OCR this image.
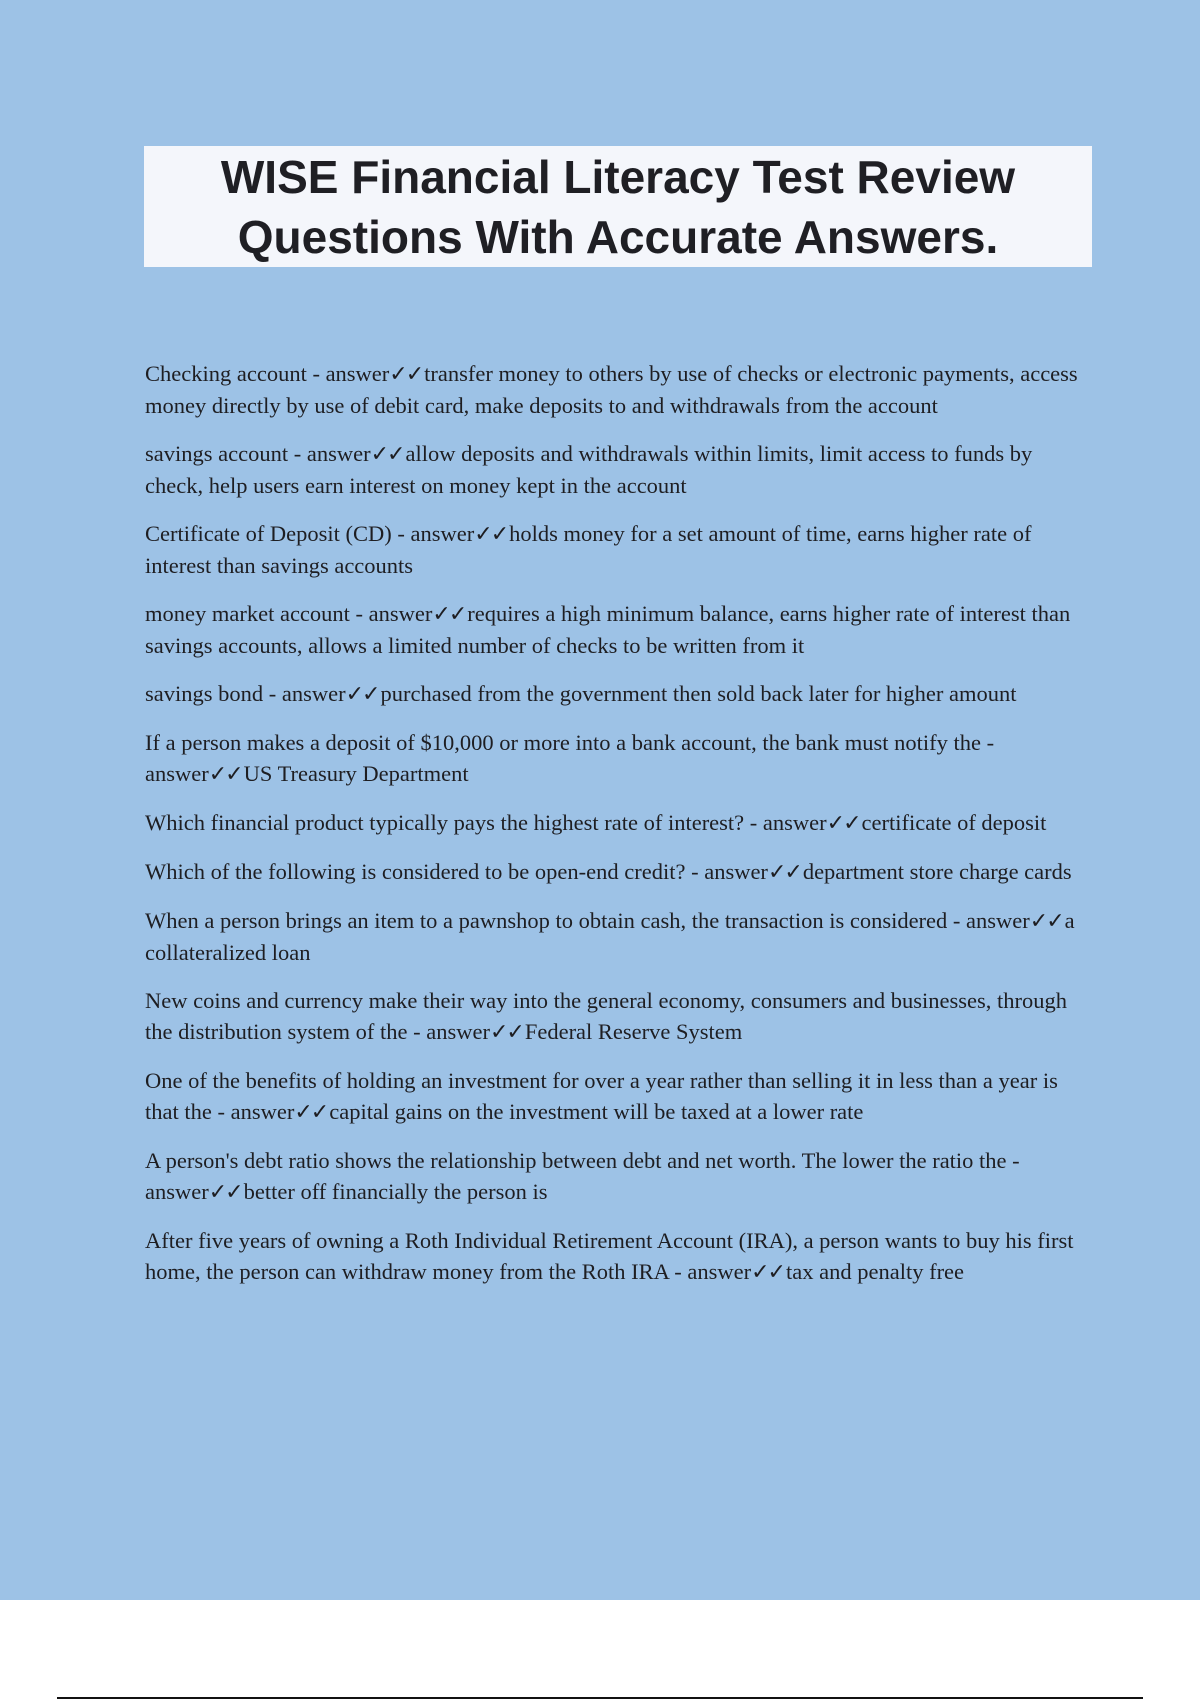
WISE Financial Literacy Test Review
Questions With Accurate Answers.

Checking account - answer✓✓transfer money to others by use of checks or electronic payments, access money directly by use of debit card, make deposits to and withdrawals from the account

savings account - answer✓✓allow deposits and withdrawals within limits, limit access to funds by check, help users earn interest on money kept in the account

Certificate of Deposit (CD) - answer✓✓holds money for a set amount of time, earns higher rate of interest than savings accounts

money market account - answer✓✓requires a high minimum balance, earns higher rate of interest than savings accounts, allows a limited number of checks to be written from it

savings bond - answer✓✓purchased from the government then sold back later for higher amount

If a person makes a deposit of $10,000 or more into a bank account, the bank must notify the - answer✓✓US Treasury Department

Which financial product typically pays the highest rate of interest? - answer✓✓certificate of deposit

Which of the following is considered to be open-end credit? - answer✓✓department store charge cards

When a person brings an item to a pawnshop to obtain cash, the transaction is considered - answer✓✓a collateralized loan

New coins and currency make their way into the general economy, consumers and businesses, through the distribution system of the - answer✓✓Federal Reserve System

One of the benefits of holding an investment for over a year rather than selling it in less than a year is that the - answer✓✓capital gains on the investment will be taxed at a lower rate

A person's debt ratio shows the relationship between debt and net worth. The lower the ratio the - answer✓✓better off financially the person is

After five years of owning a Roth Individual Retirement Account (IRA), a person wants to buy his first home, the person can withdraw money from the Roth IRA - answer✓✓tax and penalty free
